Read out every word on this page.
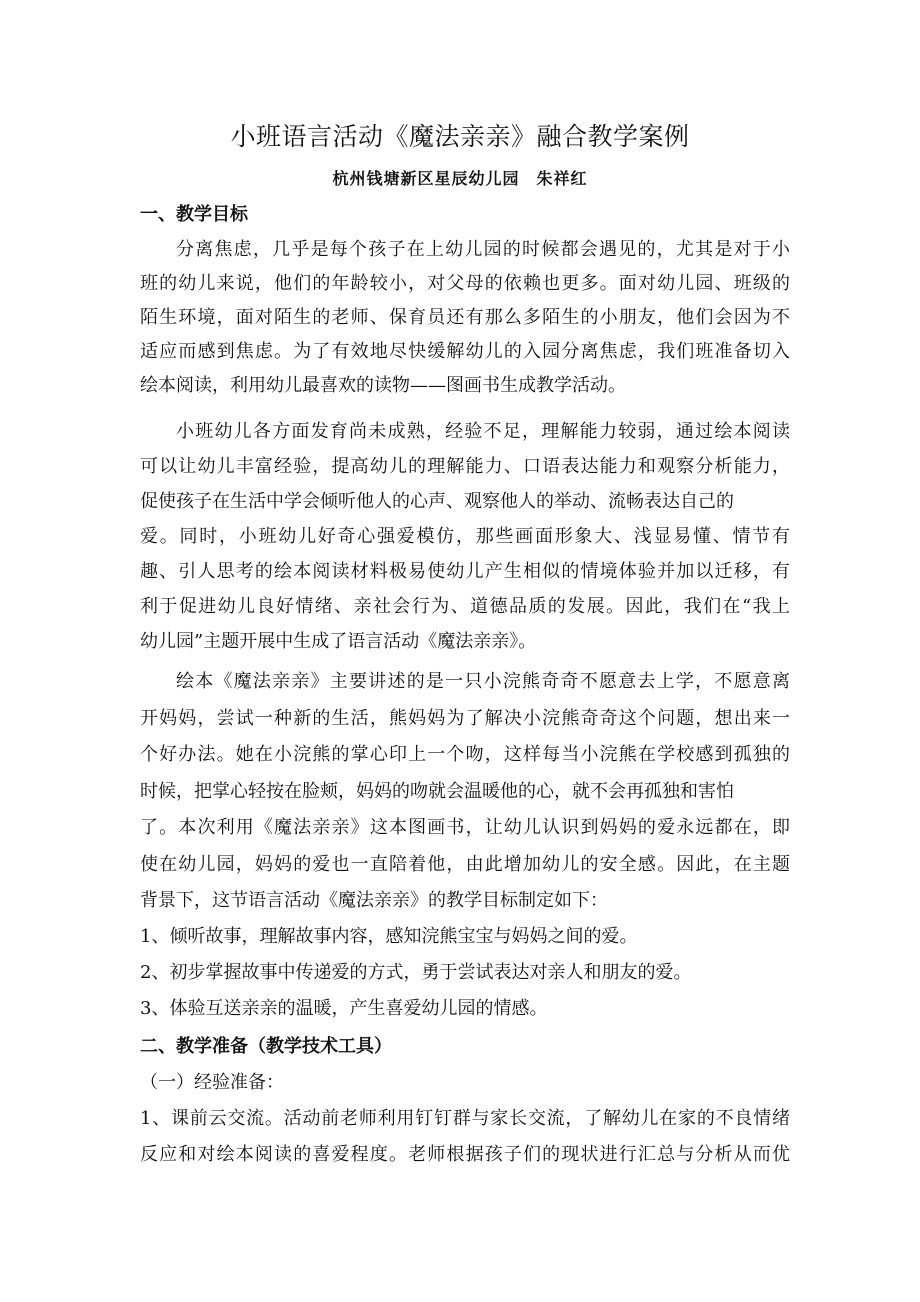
小班语言活动《魔法亲亲》融合教学案例
杭州钱塘新区星辰幼儿园　朱祥红
一、教学目标
分离焦虑，几乎是每个孩子在上幼儿园的时候都会遇见的，尤其是对于小
班的幼儿来说，他们的年龄较小，对父母的依赖也更多。面对幼儿园、班级的
陌生环境，面对陌生的老师、保育员还有那么多陌生的小朋友，他们会因为不
适应而感到焦虑。为了有效地尽快缓解幼儿的入园分离焦虑，我们班准备切入
绘本阅读，利用幼儿最喜欢的读物——图画书生成教学活动。
小班幼儿各方面发育尚未成熟，经验不足，理解能力较弱，通过绘本阅读
可以让幼儿丰富经验，提高幼儿的理解能力、口语表达能力和观察分析能力，
促使孩子在生活中学会倾听他人的心声、观察他人的举动、流畅表达自己的
爱。同时，小班幼儿好奇心强爱模仿，那些画面形象大、浅显易懂、情节有
趣、引人思考的绘本阅读材料极易使幼儿产生相似的情境体验并加以迁移，有
利于促进幼儿良好情绪、亲社会行为、道德品质的发展。因此，我们在“我上
幼儿园”主题开展中生成了语言活动《魔法亲亲》。
绘本《魔法亲亲》主要讲述的是一只小浣熊奇奇不愿意去上学，不愿意离
开妈妈，尝试一种新的生活，熊妈妈为了解决小浣熊奇奇这个问题，想出来一
个好办法。她在小浣熊的掌心印上一个吻，这样每当小浣熊在学校感到孤独的
时候，把掌心轻按在脸颊，妈妈的吻就会温暖他的心，就不会再孤独和害怕
了。本次利用《魔法亲亲》这本图画书，让幼儿认识到妈妈的爱永远都在，即
使在幼儿园，妈妈的爱也一直陪着他，由此增加幼儿的安全感。因此，在主题
背景下，这节语言活动《魔法亲亲》的教学目标制定如下：
1、倾听故事，理解故事内容，感知浣熊宝宝与妈妈之间的爱。
2、初步掌握故事中传递爱的方式，勇于尝试表达对亲人和朋友的爱。
3、体验互送亲亲的温暖，产生喜爱幼儿园的情感。
二、教学准备（教学技术工具）
（一）经验准备：
1、课前云交流。活动前老师利用钉钉群与家长交流，了解幼儿在家的不良情绪
反应和对绘本阅读的喜爱程度。老师根据孩子们的现状进行汇总与分析从而优
